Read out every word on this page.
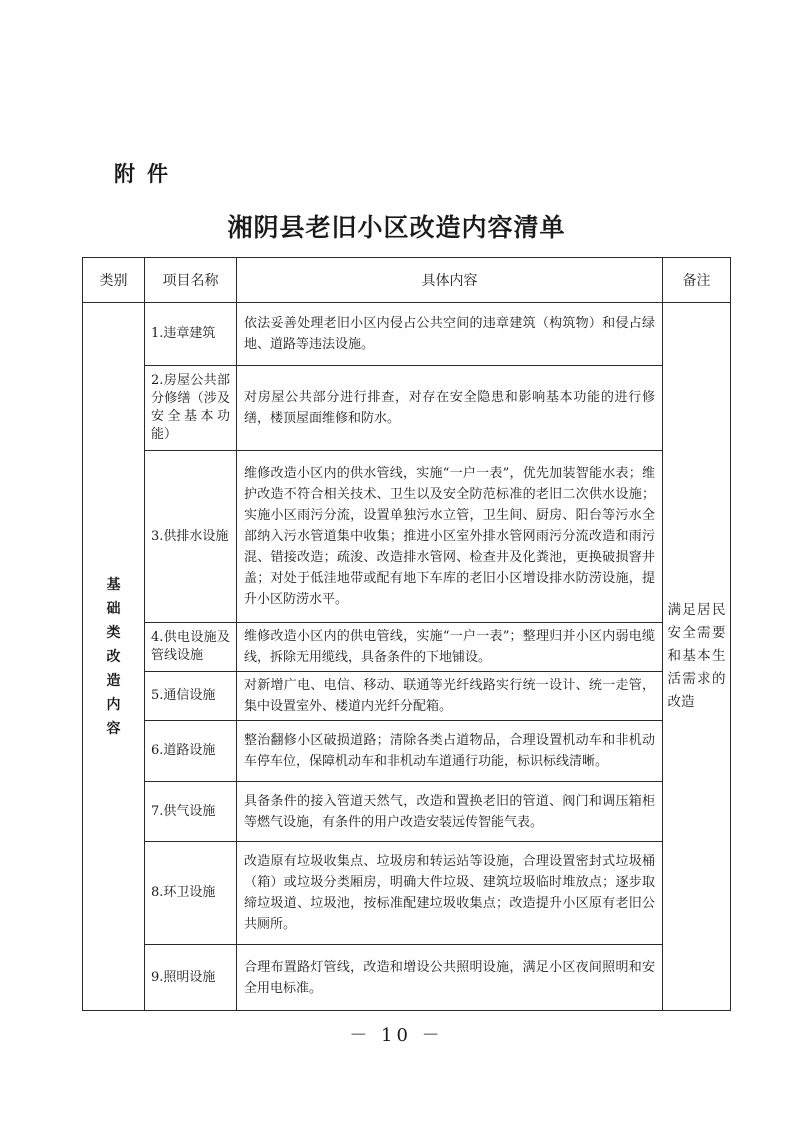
附件
湘阴县老旧小区改造内容清单
类别	项目名称	具体内容	备注
基础类改造内容	1.违章建筑	依法妥善处理老旧小区内侵占公共空间的违章建筑（构筑物）和侵占绿地、道路等违法设施。	满足居民安全需要和基本生活需求的改造
	2.房屋公共部分修缮（涉及安全基本功能）	对房屋公共部分进行排查，对存在安全隐患和影响基本功能的进行修缮，楼顶屋面维修和防水。	
	3.供排水设施	维修改造小区内的供水管线，实施“一户一表”，优先加装智能水表；维护改造不符合相关技术、卫生以及安全防范标准的老旧二次供水设施；实施小区雨污分流，设置单独污水立管，卫生间、厨房、阳台等污水全部纳入污水管道集中收集；推进小区室外排水管网雨污分流改造和雨污混、错接改造；疏浚、改造排水管网、检查井及化粪池，更换破损窨井盖；对处于低洼地带或配有地下车库的老旧小区增设排水防涝设施，提升小区防涝水平。	
	4.供电设施及管线设施	维修改造小区内的供电管线，实施“一户一表”；整理归并小区内弱电缆线，拆除无用缆线，具备条件的下地铺设。	
	5.通信设施	对新增广电、电信、移动、联通等光纤线路实行统一设计、统一走管，集中设置室外、楼道内光纤分配箱。	
	6.道路设施	整治翻修小区破损道路；清除各类占道物品，合理设置机动车和非机动车停车位，保障机动车和非机动车道通行功能，标识标线清晰。	
	7.供气设施	具备条件的接入管道天然气，改造和置换老旧的管道、阀门和调压箱柜等燃气设施，有条件的用户改造安装远传智能气表。	
	8.环卫设施	改造原有垃圾收集点、垃圾房和转运站等设施，合理设置密封式垃圾桶（箱）或垃圾分类厢房，明确大件垃圾、建筑垃圾临时堆放点；逐步取缔垃圾道、垃圾池，按标准配建垃圾收集点；改造提升小区原有老旧公共厕所。	
	9.照明设施	合理布置路灯管线，改造和增设公共照明设施，满足小区夜间照明和安全用电标准。	
－ 10 －
